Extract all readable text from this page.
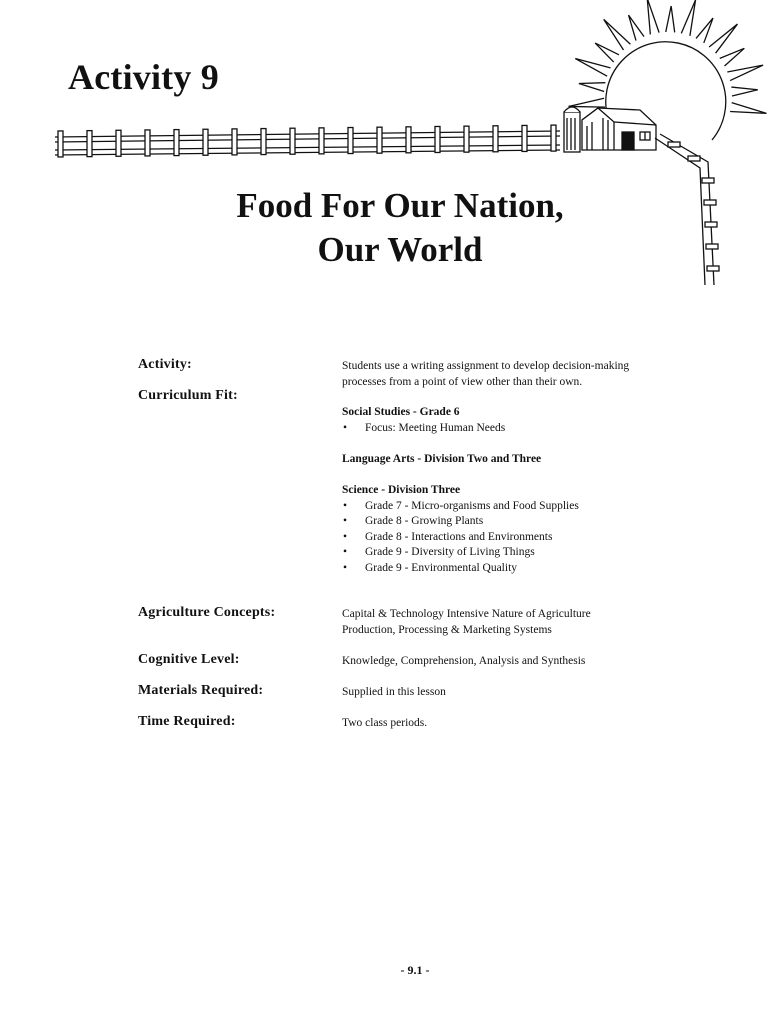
Activity 9
Food For Our Nation,
Our World
Activity:	Students use a writing assignment to develop decision-making
processes from a point of view other than their own.
Curriculum Fit:
Social Studies - Grade 6
• Focus: Meeting Human Needs
Language Arts - Division Two and Three
Science - Division Three
• Grade 7 - Micro-organisms and Food Supplies
• Grade 8 - Growing Plants
• Grade 8 - Interactions and Environments
• Grade 9 - Diversity of Living Things
• Grade 9 - Environmental Quality
Agriculture Concepts:	Capital & Technology Intensive Nature of Agriculture
Production, Processing & Marketing Systems
Cognitive Level:	Knowledge, Comprehension, Analysis and Synthesis
Materials Required:	Supplied in this lesson
Time Required:	Two class periods.
- 9.1 -
